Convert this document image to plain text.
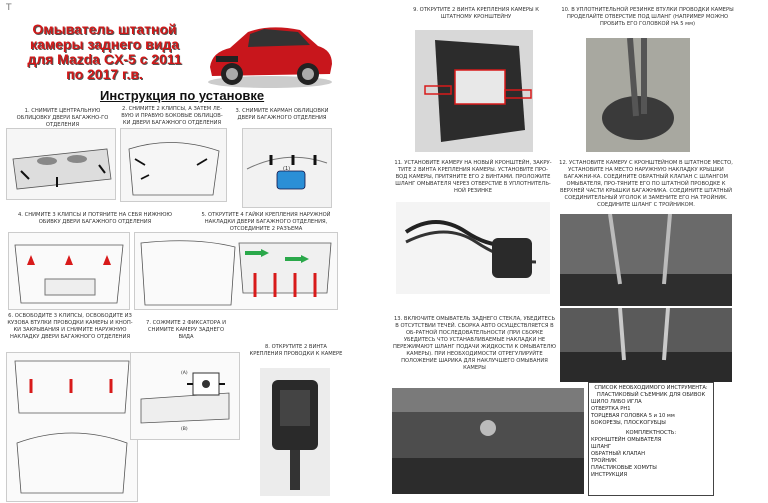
T
Омыватель штатной камеры заднего вида для Mazda CX-5 с 2011 по 2017 г.в.
Инструкция по установке
1. СНИМИТЕ ЦЕНТРАЛЬНУЮ ОБЛИЦОВКУ ДВЕРИ БАГАЖНО-ГО ОТДЕЛЕНИЯ
2. СНИМИТЕ 2 КЛИПСЫ, А ЗАТЕМ ЛЕ-ВУЮ И ПРАВУЮ БОКОВЫЕ ОБЛИЦОВ-КИ ДВЕРИ БАГАЖНОГО ОТДЕЛЕНИЯ
3. СНИМИТЕ КАРМАН ОБЛИЦОВКИ ДВЕРИ БАГАЖНОГО ОТДЕЛЕНИЯ
(1)
4. СНИМИТЕ 3 КЛИПСЫ И ПОТЯНИТЕ НА СЕБЯ НИЖНЮЮ ОБИВКУ ДВЕРИ БАГАЖНОГО ОТДЕЛЕНИЯ
5. ОТКРУТИТЕ 4 ГАЙКИ КРЕПЛЕНИЯ НАРУЖНОЙ НАКЛАДКИ ДВЕРИ БАГАЖНОГО ОТДЕЛЕНИЯ, ОТСОЕДИНИТЕ 2 РАЗЪЕМА
6. ОСВОБОДИТЕ 3 КЛИПСЫ, ОСВОБОДИТЕ ИЗ КУЗОВА ВТУЛКИ ПРОВОДКИ КАМЕРЫ И КНОП-КИ ЗАКРЫВАНИЯ И СНИМИТЕ НАРУЖНУЮ НАКЛАДКУ ДВЕРИ БАГАЖНОГО ОТДЕЛЕНИЯ
7. СОЖМИТЕ 2 ФИКСАТОРА И СНИМИТЕ КАМЕРУ ЗАДНЕГО ВИДА
(A)
(B)
8. ОТКРУТИТЕ 2 ВИНТА КРЕПЛЕНИЯ ПРОВОДКИ К КАМЕРЕ
9. ОТКРУТИТЕ 2 ВИНТА КРЕПЛЕНИЯ КАМЕРЫ К ШТАТНОМУ КРОНШТЕЙНУ
10. В УПЛОТНИТЕЛЬНОЙ РЕЗИНКЕ ВТУЛКИ ПРОВОДКИ КАМЕРЫ ПРОДЕЛАЙТЕ ОТВЕРСТИЕ ПОД ШЛАНГ (НАПРИМЕР МОЖНО ПРОБИТЬ ЕГО ГОЛОВКОЙ НА 5 мм)
11. УСТАНОВИТЕ КАМЕРУ НА НОВЫЙ КРОНШТЕЙН, ЗАКРУ-ТИТЕ 2 ВИНТА КРЕПЛЕНИЯ КАМЕРЫ. УСТАНОВИТЕ ПРО-ВОД КАМЕРЫ, ПРИТЯНИТЕ ЕГО 2 ВИНТАМИ. ПРОЛОЖИТЕ ШЛАНГ ОМЫВАТЕЛЯ ЧЕРЕЗ ОТВЕРСТИЕ В УПЛОТНИТЕЛЬ-НОЙ РЕЗИНКЕ
12. УСТАНОВИТЕ КАМЕРУ С КРОНШТЕЙНОМ В ШТАТНОЕ МЕСТО, УСТАНОВИТЕ НА МЕСТО НАРУЖНУЮ НАКЛАДКУ КРЫШКИ БАГАЖНИ-КА. СОЕДИНИТЕ ОБРАТНЫЙ КЛАПАН С ШЛАНГОМ ОМЫВАТЕЛЯ, ПРО-ТЯНИТЕ ЕГО ПО ШТАТНОЙ ПРОВОДКЕ К ВЕРХНЕЙ ЧАСТИ КРЫШКИ БАГАЖНИКА. СОЕДИНИТЕ ШТАТНЫЙ СОЕДИНИТЕЛЬНЫЙ УГОЛОК И ЗАМЕНИТЕ ЕГО НА ТРОЙНИК. СОЕДИНИТЕ ШЛАНГ С ТРОЙНИКОМ.
13. ВКЛЮЧИТЕ ОМЫВАТЕЛЬ ЗАДНЕГО СТЕКЛА, УБЕДИТЕСЬ В ОТСУТСТВИИ ТЕЧЕЙ. СБОРКА АВТО ОСУЩЕСТВЛЯЕТСЯ В ОБ-РАТНОЙ ПОСЛЕДОВАТЕЛЬНОСТИ (ПРИ СБОРКЕ УБЕДИТЕСЬ ЧТО УСТАНАВЛИВАЕМЫЕ НАКЛАДКИ НЕ ПЕРЕЖИМАЮТ ШЛАНГ ПОДАЧИ ЖИДКОСТИ К ОМЫВАТЕЛЮ КАМЕРЫ). ПРИ НЕОБХОДИМОСТИ ОТРЕГУЛИРУЙТЕ ПОЛОЖЕНИЕ ШАРИКА ДЛЯ НАКЛУЧШЕГО ОМЫВАНИЯ КАМЕРЫ
СПИСОК НЕОБХОДИМОГО ИНСТРУМЕНТА:
ПЛАСТИКОВЫЙ СЪЕМНИК ДЛЯ ОБИВОК
ШИЛО ЛИБО ИГЛА
ОТВЕРТКА PH1
ТОРЦЕВАЯ ГОЛОВКА 5 и 10 мм
БОКОРЕЗЫ, ПЛОСКОГУБЦЫ
КОМПЛЕКТНОСТЬ:
КРОНШТЕЙН ОМЫВАТЕЛЯ
ШЛАНГ
ОБРАТНЫЙ КЛАПАН
ТРОЙНИК
ПЛАСТИКОВЫЕ ХОМУТЫ
ИНСТРУКЦИЯ
